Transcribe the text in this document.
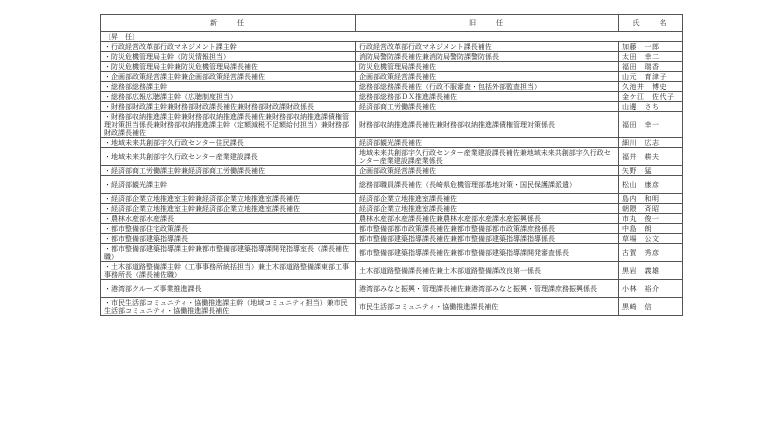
新　　任	旧　　任	氏　　名
〔昇　任〕		
・行政経営改革部行政マネジメント課主幹	行政経営改革部行政マネジメント課長補佐	加藤　一郎
・防災危機管理局主幹（防災情報担当）	消防局警防課長補佐兼消防局警防課警防係長	太田　幸二
・防災危機管理局主幹兼防災危機管理局課長補佐	防災危機管理局課長補佐	福田　瑞香
・企画部政策経営課主幹兼企画部政策経営課長補佐	企画部政策経営課長補佐	山元　育津子
・総務部総務課主幹	総務部総務課長補佐（行政不服審査・包括外部監査担当）	久池井　博史
・総務部広報広聴課主幹（広聴制度担当）	総務部総務部ＤＸ推進課長補佐	金ケ江　佐代子
・財務部財政課主幹兼財務部財政課長補佐兼財務部財政課財政係長	経済部商工労働課長補佐	山邊　さち
・財務部収納推進課主幹兼財務部収納推進課長補佐兼財務部収納推進課債権管理対策担当係長兼財務部収納推進課主幹（定額減税不足額給付担当）兼財務部財政課長補佐	財務部収納推進課長補佐兼財務部収納推進課債権管理対策係長	福田　幸一
・地域未来共創部宇久行政センター住民課長	経済部観光課長補佐	細川　広志
・地域未来共創部宇久行政センター産業建設課長	地域未来共創部宇久行政センター産業建設課長補佐兼地域未来共創部宇久行政センター産業建設課産業係長	福井　耕夫
・経済部商工労働課主幹兼経済部商工労働課長補佐	企画部政策経営課長補佐	矢野　猛
・経済部観光課主幹	総務部職員課長補佐（長崎県危機管理部基地対策・国民保護課派遣）	松山　康彦
・経済部企業立地推進室主幹兼経済部企業立地推進室課長補佐	経済部企業立地推進室課長補佐	島内　和明
・経済部企業立地推進室主幹兼経済部企業立地推進室課長補佐	経済部企業立地推進室課長補佐	朝隈　斉昭
・農林水産部水産課長	農林水産部水産課長補佐兼農林水産部水産課水産振興係長	市丸　俊一
・都市整備部住宅政策課長	都市整備部都市政策課長補佐兼都市整備部都市政策課庶務係長	中島　朗
・都市整備部建築指導課長	都市整備部建築指導課長補佐兼都市整備部建築指導課指導係長	草場　公文
・都市整備部建築指導課主幹兼都市整備部建築指導課開発指導室長（課長補佐職）	都市整備部建築指導課長補佐兼都市整備部建築指導課開発審査係長	古賀　秀彦
・土木部道路整備課主幹（工事事務所統括担当）兼土木部道路整備課東部工事事務所長（課長補佐職）	土木部道路整備課長補佐兼土木部道路整備課改良第一係長	黒岩　義雄
・港湾部クルーズ事業推進課長	港湾部みなと振興・管理課長補佐兼港湾部みなと振興・管理課庶務振興係長	小林　裕介
・市民生活部コミュニティ・協働推進課主幹（地域コミュニティ担当）兼市民生活部コミュニティ・協働推進課長補佐	市民生活部コミュニティ・協働推進課長補佐	黒崎　信
